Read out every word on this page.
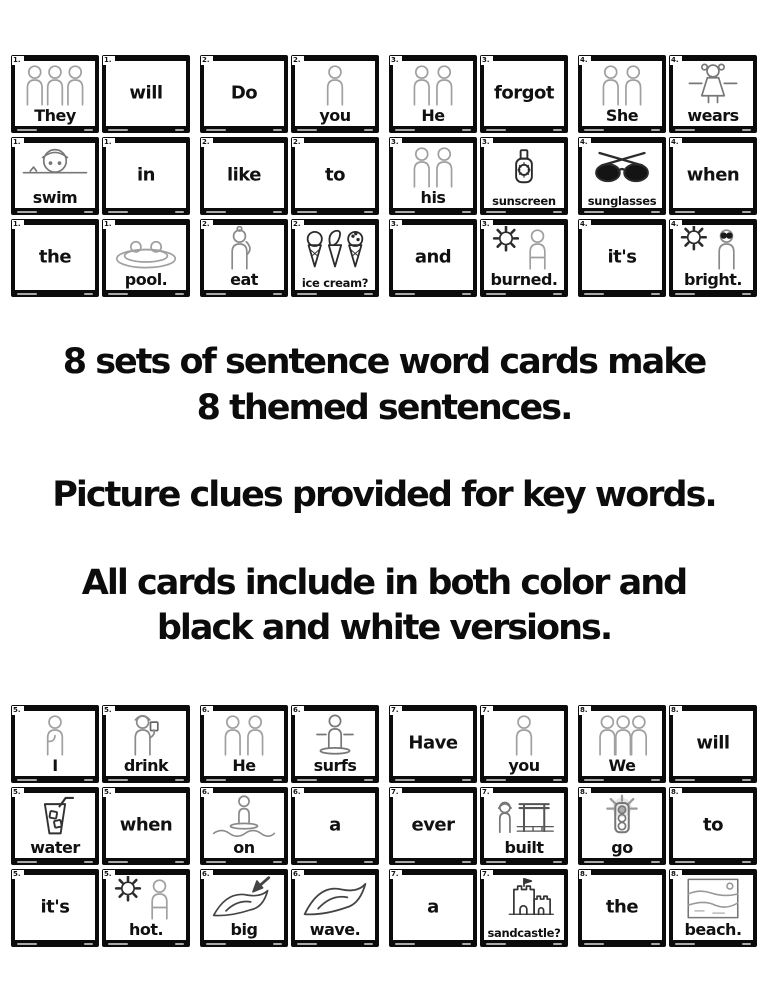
1.
They
1.
will
2.
Do
2.
you
3.
He
3.
forgot
4.
She
4.
wears
1.
swim
1.
in
2.
like
2.
to
3.
his
3.
sunscreen
4.
sunglasses
4.
when
1.
the
1.
pool.
2.
eat
2.
ice cream?
3.
and
3.
burned.
4.
it's
4.
bright.
8 sets of sentence word cards make
8 themed sentences.
Picture clues provided for key words.
All cards include in both color and
black and white versions.
5.
I
5.
drink
6.
He
6.
surfs
7.
Have
7.
you
8.
We
8.
will
5.
water
5.
when
6.
on
6.
a
7.
ever
7.
built
8.
go
8.
to
5.
it's
5.
hot.
6.
big
6.
wave.
7.
a
7.
sandcastle?
8.
the
8.
beach.
